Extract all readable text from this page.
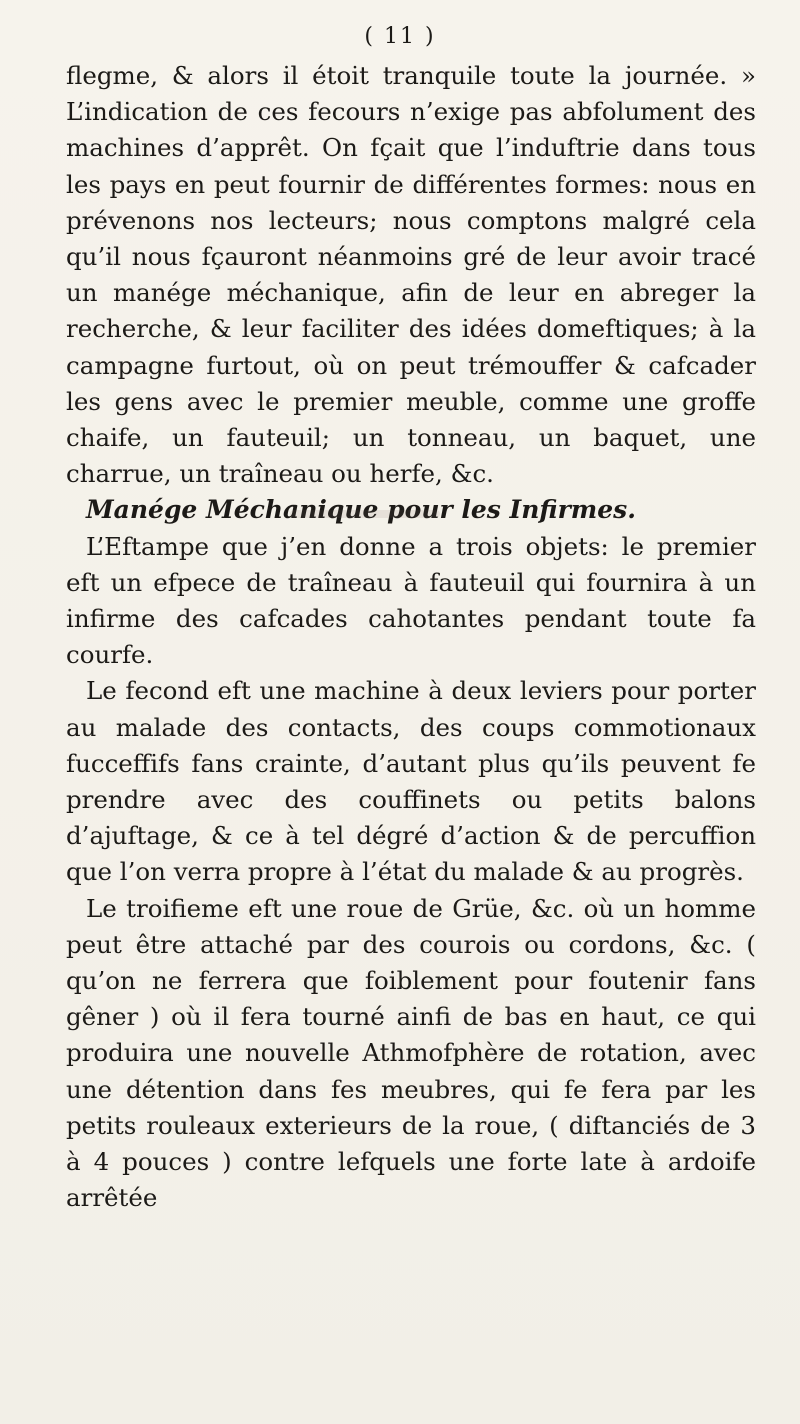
( 11 )

flegme, & alors il étoit tranquile toute la journée. » L’indication de ces fecours n’exige pas abfolument des machines d’apprêt. On fçait que l’induftrie dans tous les pays en peut fournir de différentes formes: nous en prévenons nos lecteurs; nous comptons malgré cela qu’il nous fçauront néanmoins gré de leur avoir tracé un manége méchanique, afin de leur en abreger la recherche, & leur faciliter des idées domeftiques; à la campagne furtout, où on peut trémouffer & cafcader les gens avec le premier meuble, comme une groffe chaife, un fauteuil; un tonneau, un baquet, une charrue, un traîneau ou herfe, &c.

Manége Méchanique pour les Infirmes.

L’Eftampe que j’en donne a trois objets: le premier eft un efpece de traîneau à fauteuil qui fournira à un infirme des cafcades cahotantes pendant toute fa courfe.

Le fecond eft une machine à deux leviers pour porter au malade des contacts, des coups commotionaux fucceffifs fans crainte, d’autant plus qu’ils peuvent fe prendre avec des couffinets ou petits balons d’ajuftage, & ce à tel dégré d’action & de percuffion que l’on verra propre à l’état du malade & au progrès.

Le troifieme eft une roue de Grüe, &c. où un homme peut être attaché par des courois ou cordons, &c. ( qu’on ne ferrera que foiblement pour foutenir fans gêner ) où il fera tourné ainfi de bas en haut, ce qui produira une nouvelle Athmofphère de rotation, avec une détention dans fes meubres, qui fe fera par les petits rouleaux exterieurs de la roue, ( diftanciés de 3 à 4 pouces ) contre lefquels une forte late à ardoife arrêtée
